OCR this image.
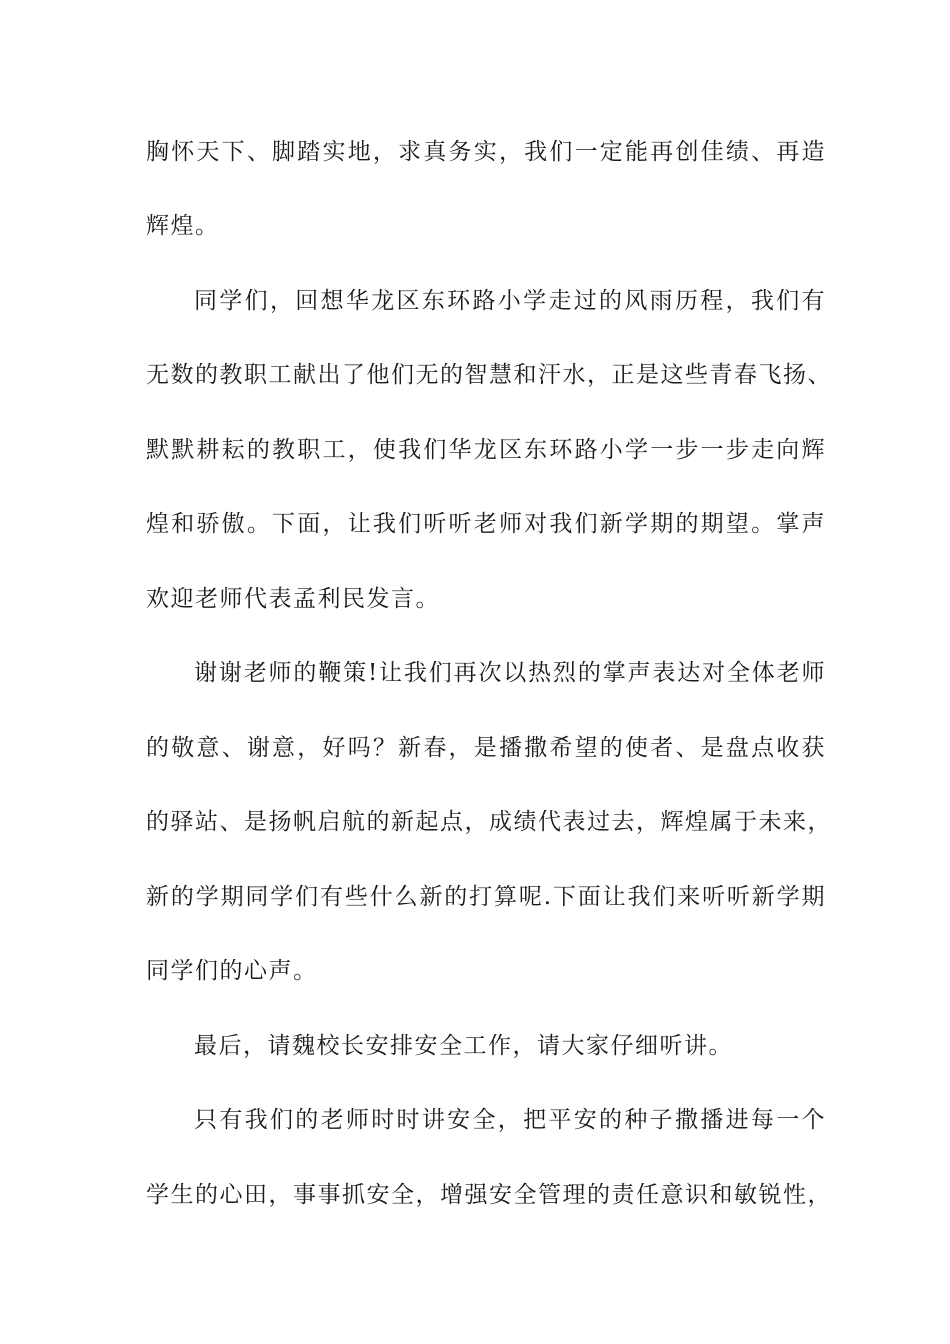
胸怀天下、脚踏实地，求真务实，我们一定能再创佳绩、再造
辉煌。
同学们，回想华龙区东环路小学走过的风雨历程，我们有
无数的教职工献出了他们无的智慧和汗水，正是这些青春飞扬、
默默耕耘的教职工，使我们华龙区东环路小学一步一步走向辉
煌和骄傲。下面，让我们听听老师对我们新学期的期望。掌声
欢迎老师代表孟利民发言。
谢谢老师的鞭策!让我们再次以热烈的掌声表达对全体老师
的敬意、谢意，好吗？新春，是播撒希望的使者、是盘点收获
的驿站、是扬帆启航的新起点，成绩代表过去，辉煌属于未来，
新的学期同学们有些什么新的打算呢.下面让我们来听听新学期
同学们的心声。
最后，请魏校长安排安全工作，请大家仔细听讲。
只有我们的老师时时讲安全，把平安的种子撒播进每一个
学生的心田，事事抓安全，增强安全管理的责任意识和敏锐性，
